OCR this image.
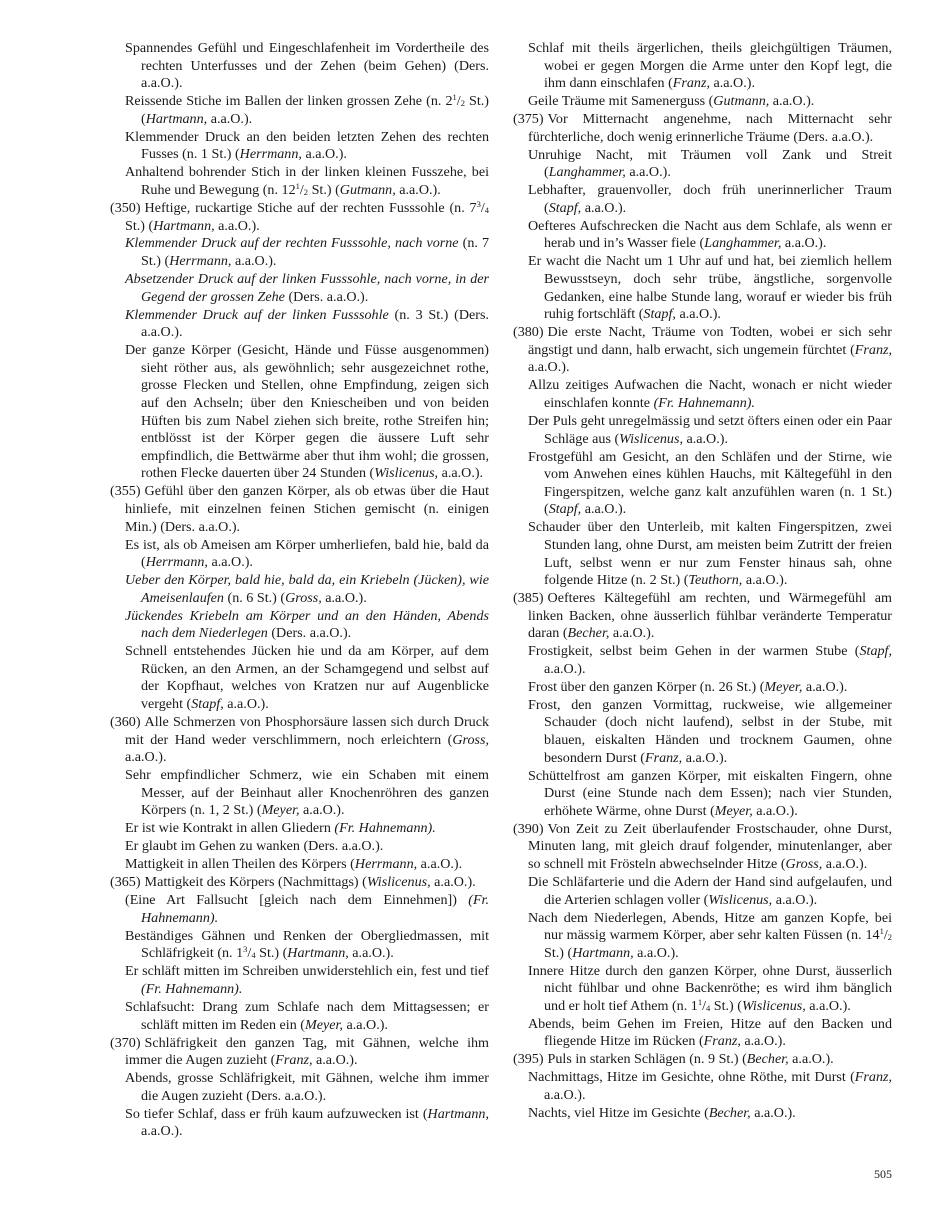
Spannendes Gefühl und Eingeschlafenheit im Vordertheile des rechten Unterfusses und der Zehen (beim Gehen) (Ders. a.a.O.).

Reissende Stiche im Ballen der linken grossen Zehe (n. $2^1/_2$ St.) (Hartmann, a.a.O.).

Klemmender Druck an den beiden letzten Zehen des rechten Fusses (n. 1 St.) (Herrmann, a.a.O.).

Anhaltend bohrender Stich in der linken kleinen Fusszehe, bei Ruhe und Bewegung (n. $12^1/_2$ St.) (Gutmann, a.a.O.).

(350) Heftige, ruckartige Stiche auf der rechten Fusssohle (n. $7^3/_4$ St.) (Hartmann, a.a.O.).

Klemmender Druck auf der rechten Fusssohle, nach vorne (n. 7 St.) (Herrmann, a.a.O.).

Absetzender Druck auf der linken Fusssohle, nach vorne, in der Gegend der grossen Zehe (Ders. a.a.O.).

Klemmender Druck auf der linken Fusssohle (n. 3 St.) (Ders. a.a.O.).

Der ganze Körper (Gesicht, Hände und Füsse ausgenommen) sieht röther aus, als gewöhnlich; sehr ausgezeichnet rothe, grosse Flecken und Stellen, ohne Empfindung, zeigen sich auf den Achseln; über den Kniescheiben und von beiden Hüften bis zum Nabel ziehen sich breite, rothe Streifen hin; entblösst ist der Körper gegen die äussere Luft sehr empfindlich, die Bettwärme aber thut ihm wohl; die grossen, rothen Flecke dauerten über 24 Stunden (Wislicenus, a.a.O.).

(355) Gefühl über den ganzen Körper, als ob etwas über die Haut hinliefe, mit einzelnen feinen Stichen gemischt (n. einigen Min.) (Ders. a.a.O.).

Es ist, als ob Ameisen am Körper umherliefen, bald hie, bald da (Herrmann, a.a.O.).

Ueber den Körper, bald hie, bald da, ein Kriebeln (Jücken), wie Ameisenlaufen (n. 6 St.) (Gross, a.a.O.).

Jückendes Kriebeln am Körper und an den Händen, Abends nach dem Niederlegen (Ders. a.a.O.).

Schnell entstehendes Jücken hie und da am Körper, auf dem Rücken, an den Armen, an der Schamgegend und selbst auf der Kopfhaut, welches von Kratzen nur auf Augenblicke vergeht (Stapf, a.a.O.).

(360) Alle Schmerzen von Phosphorsäure lassen sich durch Druck mit der Hand weder verschlimmern, noch erleichtern (Gross, a.a.O.).

Sehr empfindlicher Schmerz, wie ein Schaben mit einem Messer, auf der Beinhaut aller Knochenröhren des ganzen Körpers (n. 1, 2 St.) (Meyer, a.a.O.).

Er ist wie Kontrakt in allen Gliedern (Fr. Hahnemann).

Er glaubt im Gehen zu wanken (Ders. a.a.O.).

Mattigkeit in allen Theilen des Körpers (Herrmann, a.a.O.).

(365) Mattigkeit des Körpers (Nachmittags) (Wislicenus, a.a.O.).

(Eine Art Fallsucht [gleich nach dem Einnehmen]) (Fr. Hahnemann).

Beständiges Gähnen und Renken der Obergliedmassen, mit Schläfrigkeit (n. $1^3/_4$ St.) (Hartmann, a.a.O.).

Er schläft mitten im Schreiben unwiderstehlich ein, fest und tief (Fr. Hahnemann).

Schlafsucht: Drang zum Schlafe nach dem Mittagsessen; er schläft mitten im Reden ein (Meyer, a.a.O.).

(370) Schläfrigkeit den ganzen Tag, mit Gähnen, welche ihm immer die Augen zuzieht (Franz, a.a.O.).

Abends, grosse Schläfrigkeit, mit Gähnen, welche ihm immer die Augen zuzieht (Ders. a.a.O.).

So tiefer Schlaf, dass er früh kaum aufzuwecken ist (Hartmann, a.a.O.).

Schlaf mit theils ärgerlichen, theils gleichgültigen Träumen, wobei er gegen Morgen die Arme unter den Kopf legt, die ihm dann einschlafen (Franz, a.a.O.).

Geile Träume mit Samenerguss (Gutmann, a.a.O.).

(375) Vor Mitternacht angenehme, nach Mitternacht sehr fürchterliche, doch wenig erinnerliche Träume (Ders. a.a.O.).

Unruhige Nacht, mit Träumen voll Zank und Streit (Langhammer, a.a.O.).

Lebhafter, grauenvoller, doch früh unerinnerlicher Traum (Stapf, a.a.O.).

Oefteres Aufschrecken die Nacht aus dem Schlafe, als wenn er herab und in’s Wasser fiele (Langhammer, a.a.O.).

Er wacht die Nacht um 1 Uhr auf und hat, bei ziemlich hellem Bewusstseyn, doch sehr trübe, ängstliche, sorgenvolle Gedanken, eine halbe Stunde lang, worauf er wieder bis früh ruhig fortschläft (Stapf, a.a.O.).

(380) Die erste Nacht, Träume von Todten, wobei er sich sehr ängstigt und dann, halb erwacht, sich ungemein fürchtet (Franz, a.a.O.).

Allzu zeitiges Aufwachen die Nacht, wonach er nicht wieder einschlafen konnte (Fr. Hahnemann).

Der Puls geht unregelmässig und setzt öfters einen oder ein Paar Schläge aus (Wislicenus, a.a.O.).

Frostgefühl am Gesicht, an den Schläfen und der Stirne, wie vom Anwehen eines kühlen Hauchs, mit Kältegefühl in den Fingerspitzen, welche ganz kalt anzufühlen waren (n. 1 St.) (Stapf, a.a.O.).

Schauder über den Unterleib, mit kalten Fingerspitzen, zwei Stunden lang, ohne Durst, am meisten beim Zutritt der freien Luft, selbst wenn er nur zum Fenster hinaus sah, ohne folgende Hitze (n. 2 St.) (Teuthorn, a.a.O.).

(385) Oefteres Kältegefühl am rechten, und Wärmegefühl am linken Backen, ohne äusserlich fühlbar veränderte Temperatur daran (Becher, a.a.O.).

Frostigkeit, selbst beim Gehen in der warmen Stube (Stapf, a.a.O.).

Frost über den ganzen Körper (n. 26 St.) (Meyer, a.a.O.).

Frost, den ganzen Vormittag, ruckweise, wie allgemeiner Schauder (doch nicht laufend), selbst in der Stube, mit blauen, eiskalten Händen und trocknem Gaumen, ohne besondern Durst (Franz, a.a.O.).

Schüttelfrost am ganzen Körper, mit eiskalten Fingern, ohne Durst (eine Stunde nach dem Essen); nach vier Stunden, erhöhete Wärme, ohne Durst (Meyer, a.a.O.).

(390) Von Zeit zu Zeit überlaufender Frostschauder, ohne Durst, Minuten lang, mit gleich drauf folgender, minutenlanger, aber so schnell mit Frösteln abwechselnder Hitze (Gross, a.a.O.).

Die Schläfarterie und die Adern der Hand sind aufgelaufen, und die Arterien schlagen voller (Wislicenus, a.a.O.).

Nach dem Niederlegen, Abends, Hitze am ganzen Kopfe, bei nur mässig warmem Körper, aber sehr kalten Füssen (n. $14^1/_2$ St.) (Hartmann, a.a.O.).

Innere Hitze durch den ganzen Körper, ohne Durst, äusserlich nicht fühlbar und ohne Backenröthe; es wird ihm bänglich und er holt tief Athem (n. $1^1/_4$ St.) (Wislicenus, a.a.O.).

Abends, beim Gehen im Freien, Hitze auf den Backen und fliegende Hitze im Rücken (Franz, a.a.O.).

(395) Puls in starken Schlägen (n. 9 St.) (Becher, a.a.O.).

Nachmittags, Hitze im Gesichte, ohne Röthe, mit Durst (Franz, a.a.O.).

Nachts, viel Hitze im Gesichte (Becher, a.a.O.).

505
